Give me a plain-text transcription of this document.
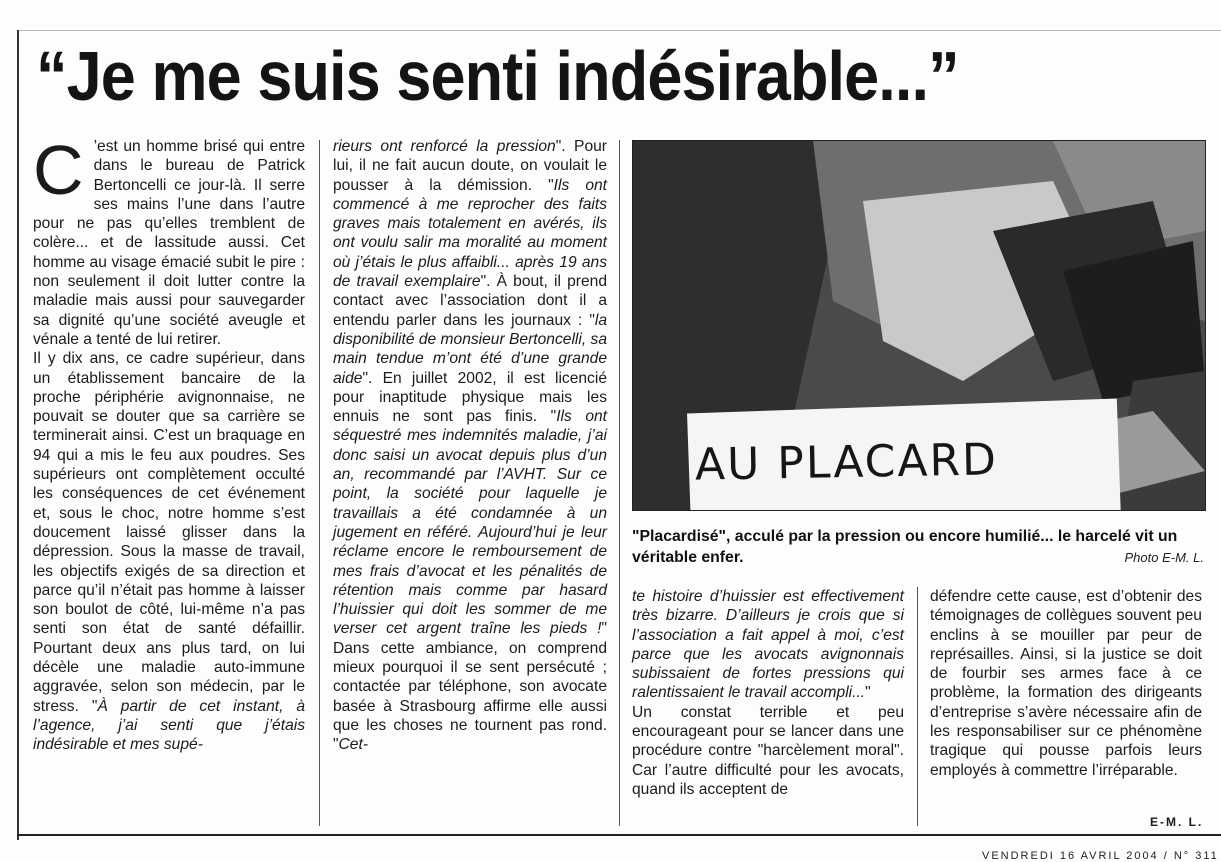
“Je me suis senti indésirable...”
C ’est un homme brisé qui entre dans le bureau de Patrick Bertoncelli ce jour-là. Il serre ses mains l’une dans l’autre pour ne pas qu’elles tremblent de colère... et de lassitude aussi. Cet homme au visage émacié subit le pire : non seulement il doit lutter contre la maladie mais aussi pour sauvegarder sa dignité qu’une société aveugle et vénale a tenté de lui retirer.

Il y dix ans, ce cadre supérieur, dans un établissement bancaire de la proche périphérie avignonnaise, ne pouvait se douter que sa carrière se terminerait ainsi. C’est un braquage en 94 qui a mis le feu aux poudres. Ses supérieurs ont complètement occulté les conséquences de cet événement et, sous le choc, notre homme s’est doucement laissé glisser dans la dépression. Sous la masse de travail, les objectifs exigés de sa direction et parce qu’il n’était pas homme à laisser son boulot de côté, lui-même n’a pas senti son état de santé défaillir. Pourtant deux ans plus tard, on lui décèle une maladie auto-immune aggravée, selon son médecin, par le stress. "À partir de cet instant, à l’agence, j’ai senti que j’étais indésirable et mes supé-

rieurs ont renforcé la pression". Pour lui, il ne fait aucun doute, on voulait le pousser à la démission. "Ils ont commencé à me reprocher des faits graves mais totalement en avérés, ils ont voulu salir ma moralité au moment où j’étais le plus affaibli... après 19 ans de travail exemplaire". À bout, il prend contact avec l’association dont il a entendu parler dans les journaux : "la disponibilité de monsieur Bertoncelli, sa main tendue m’ont été d’une grande aide". En juillet 2002, il est licencié pour inaptitude physique mais les ennuis ne sont pas finis. "Ils ont séquestré mes indemnités maladie, j’ai donc saisi un avocat depuis plus d’un an, recommandé par l’AVHT. Sur ce point, la société pour laquelle je travaillais a été condamnée à un jugement en référé. Aujourd’hui je leur réclame encore le remboursement de mes frais d’avocat et les pénalités de rétention mais comme par hasard l’huissier qui doit les sommer de me verser cet argent traîne les pieds !" Dans cette ambiance, on comprend mieux pourquoi il se sent persécuté ; contactée par téléphone, son avocate basée à Strasbourg affirme elle aussi que les choses ne tournent pas rond. "Cet-

AU PLACARD
"Placardisé", acculé par la pression ou encore humilié... le harcelé vit un véritable enfer.	Photo E-M. L.

te histoire d’huissier est effectivement très bizarre. D’ailleurs je crois que si l’association a fait appel à moi, c’est parce que les avocats avignonnais subissaient de fortes pressions qui ralentissaient le travail accompli..."

Un constat terrible et peu encourageant pour se lancer dans une procédure contre "harcèlement moral". Car l’autre difficulté pour les avocats, quand ils acceptent de

défendre cette cause, est d’obtenir des témoignages de collègues souvent peu enclins à se mouiller par peur de représailles. Ainsi, si la justice se doit de fourbir ses armes face à ce problème, la formation des dirigeants d’entreprise s’avère nécessaire afin de les responsabiliser sur ce phénomène tragique qui pousse parfois leurs employés à commettre l’irréparable.

E-M. L.
VENDREDI 16 AVRIL 2004 / N° 311
